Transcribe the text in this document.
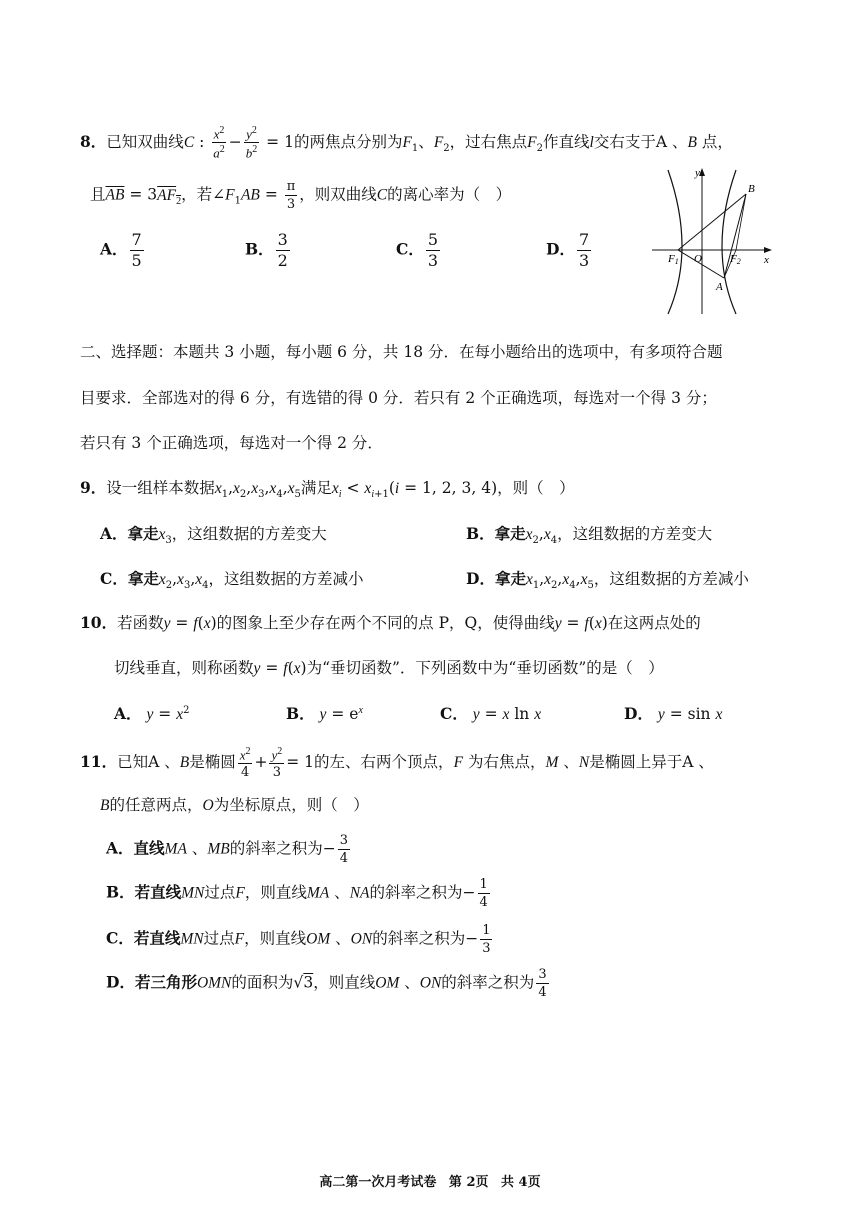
8．已知双曲线C : $\frac{x^2}{a^2} - \frac{y^2}{b^2} = 1$的两焦点分别为$F_1$、$F_2$，过右焦点$F_2$作直线l交右支于A 、B 点，
且$\overline{AB} = 3AF_2$，若$\angle F_1AB = \frac{\pi}{3}$ ，则双曲线C的离心率为（　）
A． $\frac{7}{5}$	B． $\frac{3}{2}$	C． $\frac{5}{3}$	D． $\frac{7}{3}$
y
x
B
A
O
F1	F2
二、选择题：本题共 3 小题，每小题 6 分，共 18 分．在每小题给出的选项中，有多项符合题
目要求．全部选对的得 6 分，有选错的得 0 分．若只有 2 个正确选项，每选对一个得 3 分；
若只有 3 个正确选项，每选对一个得 2 分．
9．设一组样本数据$x_1,x_2,x_3,x_4,x_5$满足$x_i < x_{i+1}(i = 1$, 2, 3, 4)，则（　）
A．拿走$x_3$，这组数据的方差变大	B．拿走$x_2,x_4$，这组数据的方差变大
C．拿走$x_2,x_3,x_4$，这组数据的方差减小	D．拿走$x_1,x_2,x_4,x_5$，这组数据的方差减小
10．若函数y = f(x)的图象上至少存在两个不同的点 P，Q，使得曲线y = f(x)在这两点处的
切线垂直，则称函数y = f(x)为“垂切函数”．下列函数中为“垂切函数”的是（　）
A． $y = x^2$	B． $y = e^x$	C． y = x ln x	D． y = sin x
11．已知A 、B是椭圆 $\frac{x^2}{4} + \frac{y^2}{3} = 1$的左、右两个顶点，F 为右焦点，M 、N是椭圆上异于A 、
B的任意两点，O为坐标原点，则（　）
A．直线MA 、MB的斜率之积为− $\frac{3}{4}$
B．若直线MN过点F，则直线MA 、NA的斜率之积为− $\frac{1}{4}$
C．若直线MN过点F，则直线OM 、ON的斜率之积为− $\frac{1}{3}$
D．若三角形OMN的面积为√3，则直线OM 、ON的斜率之积为 $\frac{3}{4}$
高二第一次月考试卷 第 2页 共 4页
